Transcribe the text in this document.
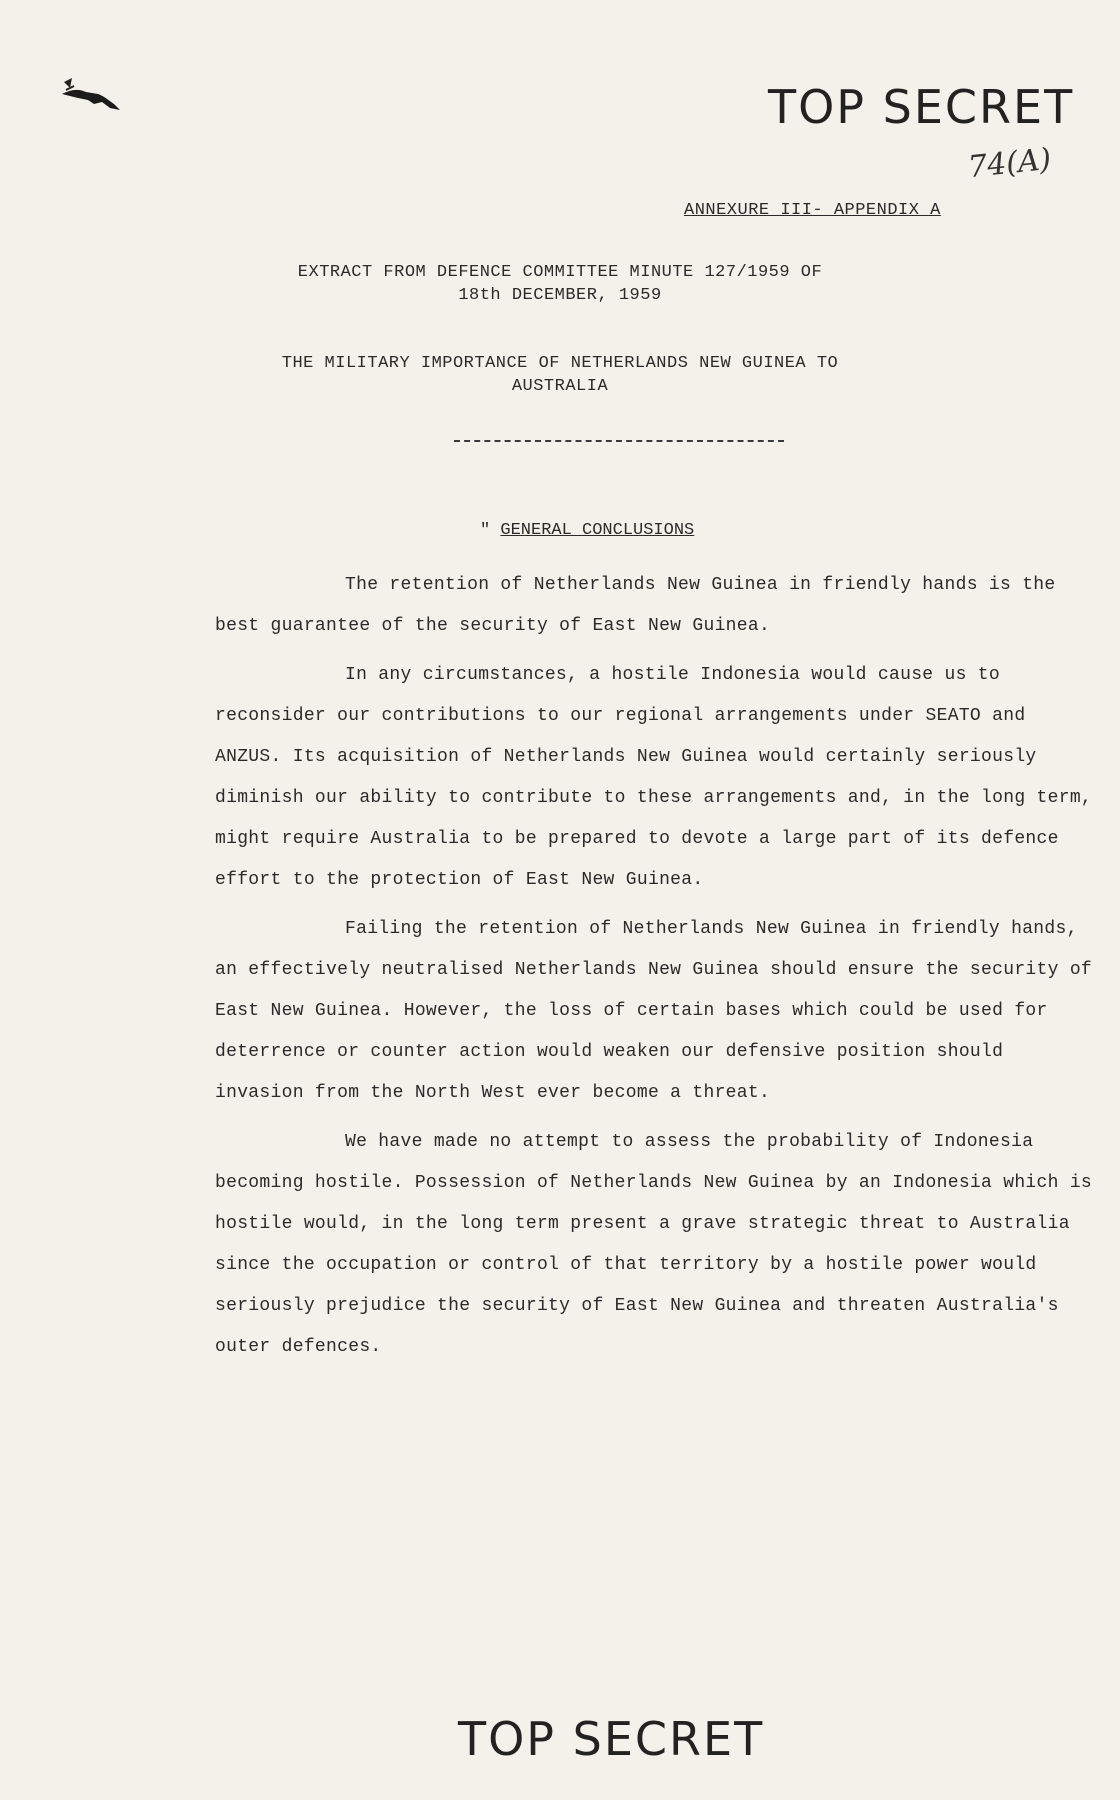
TOP SECRET
74(A)
ANNEXURE III- APPENDIX A
EXTRACT FROM DEFENCE COMMITTEE MINUTE 127/1959 OF
18th DECEMBER, 1959
THE MILITARY IMPORTANCE OF NETHERLANDS NEW GUINEA TO
AUSTRALIA
" GENERAL CONCLUSIONS

The retention of Netherlands New Guinea in friendly hands is the best guarantee of the security of East New Guinea.

In any circumstances, a hostile Indonesia would cause us to reconsider our contributions to our regional arrangements under SEATO and ANZUS. Its acquisition of Netherlands New Guinea would certainly seriously diminish our ability to contribute to these arrangements and, in the long term, might require Australia to be prepared to devote a large part of its defence effort to the protection of East New Guinea.

Failing the retention of Netherlands New Guinea in friendly hands, an effectively neutralised Netherlands New Guinea should ensure the security of East New Guinea. However, the loss of certain bases which could be used for deterrence or counter action would weaken our defensive position should invasion from the North West ever become a threat.

We have made no attempt to assess the probability of Indonesia becoming hostile. Possession of Netherlands New Guinea by an Indonesia which is hostile would, in the long term present a grave strategic threat to Australia since the occupation or control of that territory by a hostile power would seriously prejudice the security of East New Guinea and threaten Australia's outer defences.

TOP SECRET
